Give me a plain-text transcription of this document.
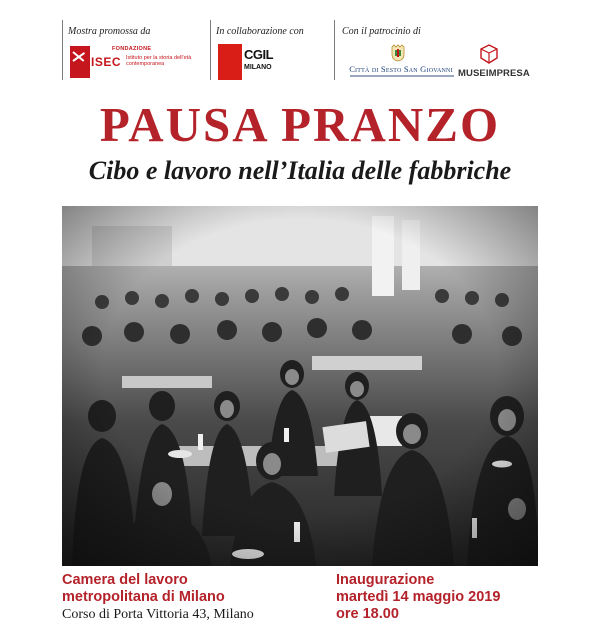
Mostra promossa da
ISEC
FONDAZIONE
Istituto per la storia dell'età contemporanea
In collaborazione con
CGIL
MILANO
Con il patrocinio di
Città di Sesto San Giovanni MUSEIMPRESA
PAUSA PRANZO
Cibo e lavoro nell’Italia delle fabbriche
Camera del lavoro
metropolitana di Milano
Corso di Porta Vittoria 43, Milano
Inaugurazione
martedì 14 maggio 2019
ore 18.00
